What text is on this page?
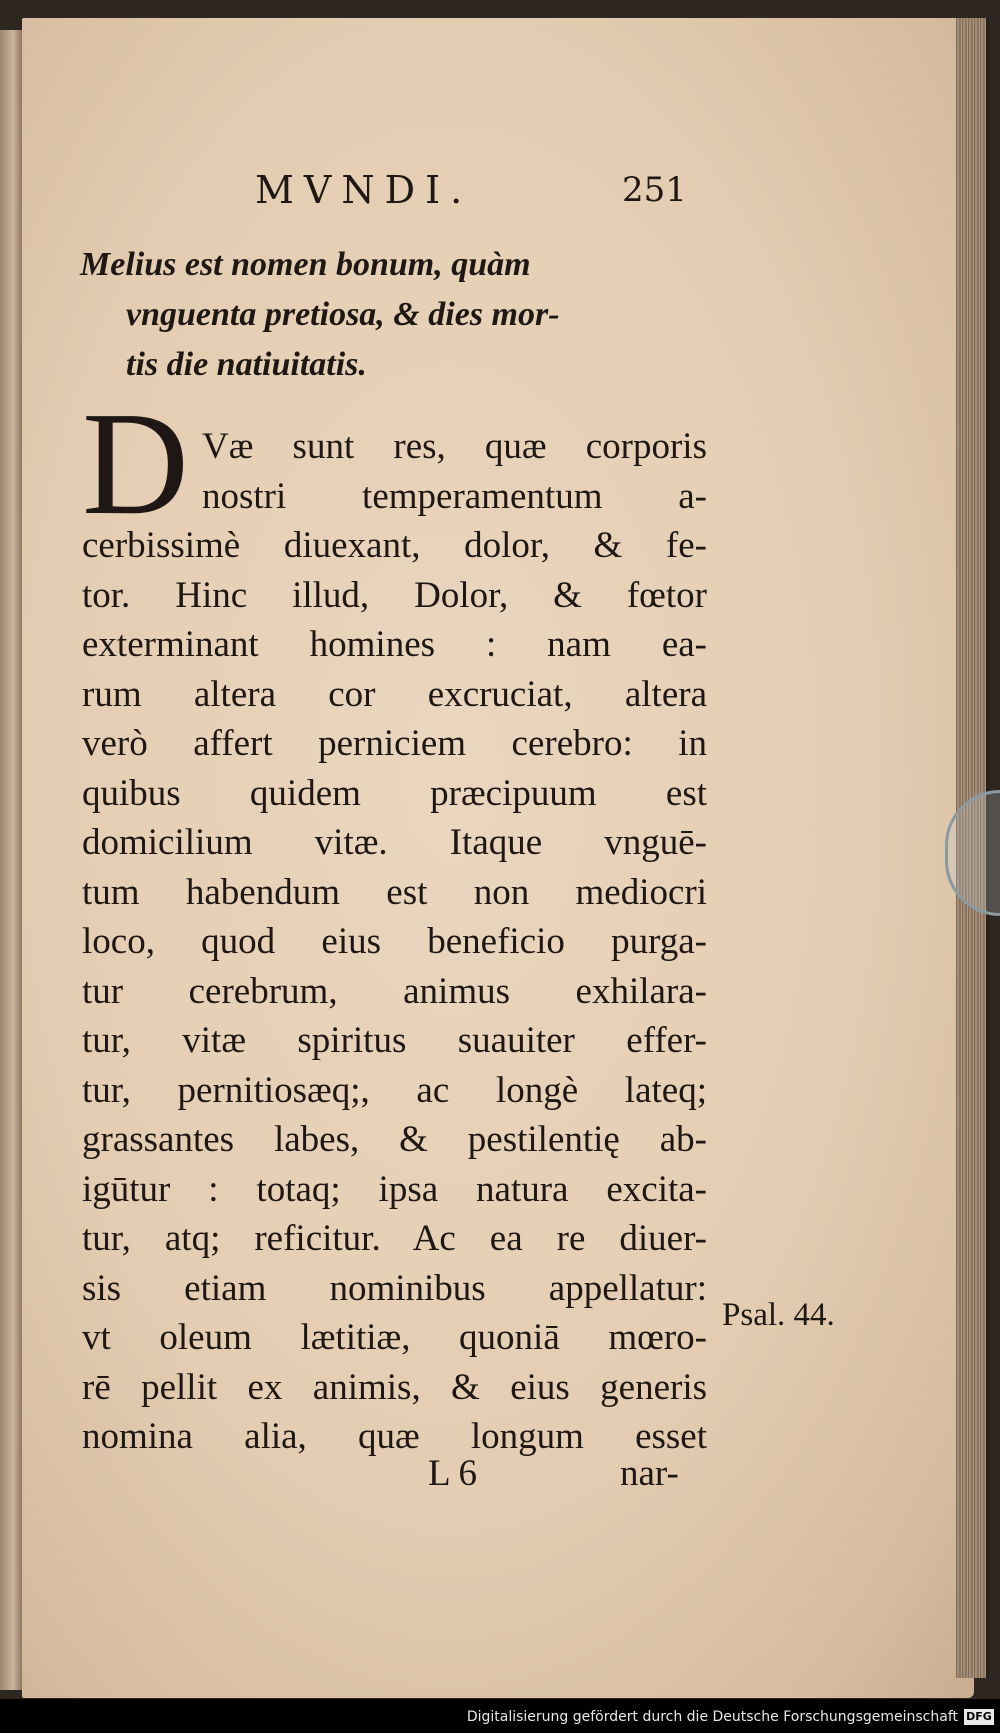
MVNDI.	251
Melius est nomen bonum, quàm
vnguenta pretiosa, & dies mor-
tis die natiuitatis.
D Væ sunt res, quæ corporis
nostri temperamentum a-
cerbissimè diuexant, dolor, & fe-
tor. Hinc illud, Dolor, & fœtor
exterminant homines : nam ea-
rum altera cor excruciat, altera
verò affert perniciem cerebro: in
quibus quidem præcipuum est
domicilium vitæ. Itaque vnguē-
tum habendum est non mediocri
loco, quod eius beneficio purga-
tur cerebrum, animus exhilara-
tur, vitæ spiritus suauiter effer-
tur, pernitiosæq;, ac longè lateq;
grassantes labes, & pestilentię ab-
igūtur : totaq; ipsa natura excita-
tur, atq; reficitur. Ac ea re diuer-
sis etiam nominibus appellatur:
vt oleum lætitiæ, quoniā mœro-
rē pellit ex animis, & eius generis
nomina alia, quæ longum esset
Psal. 44.
L 6	nar-
Digitalisierung gefördert durch die Deutsche Forschungsgemeinschaft DFG
